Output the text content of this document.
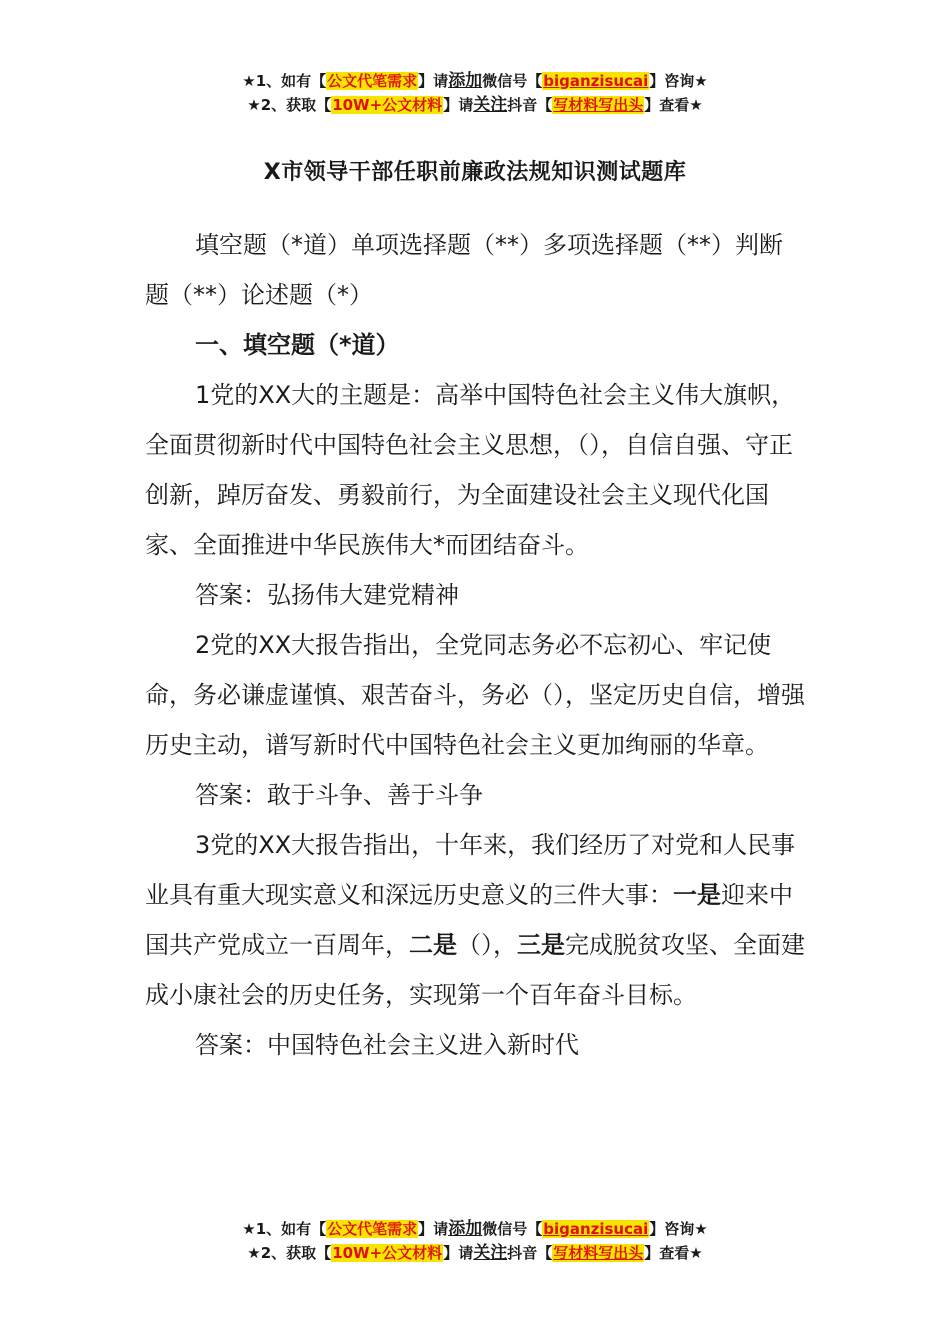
★1、如有【公文代笔需求】请添加微信号【biganzisucai】咨询★
★2、获取【10W+公文材料】请关注抖音【写材料写出头】查看★
X市领导干部任职前廉政法规知识测试题库

填空题（*道）单项选择题（**）多项选择题（**）判断题（**）论述题（*）

一、填空题（*道）

1党的XX大的主题是：高举中国特色社会主义伟大旗帜，全面贯彻新时代中国特色社会主义思想，（），自信自强、守正创新，踔厉奋发、勇毅前行，为全面建设社会主义现代化国家、全面推进中华民族伟大*而团结奋斗。

答案：弘扬伟大建党精神

2党的XX大报告指出，全党同志务必不忘初心、牢记使命，务必谦虚谨慎、艰苦奋斗，务必（），坚定历史自信，增强历史主动，谱写新时代中国特色社会主义更加绚丽的华章。

答案：敢于斗争、善于斗争

3党的XX大报告指出，十年来，我们经历了对党和人民事业具有重大现实意义和深远历史意义的三件大事：一是迎来中国共产党成立一百周年，二是（），三是完成脱贫攻坚、全面建成小康社会的历史任务，实现第一个百年奋斗目标。

答案：中国特色社会主义进入新时代

★1、如有【公文代笔需求】请添加微信号【biganzisucai】咨询★
★2、获取【10W+公文材料】请关注抖音【写材料写出头】查看★
